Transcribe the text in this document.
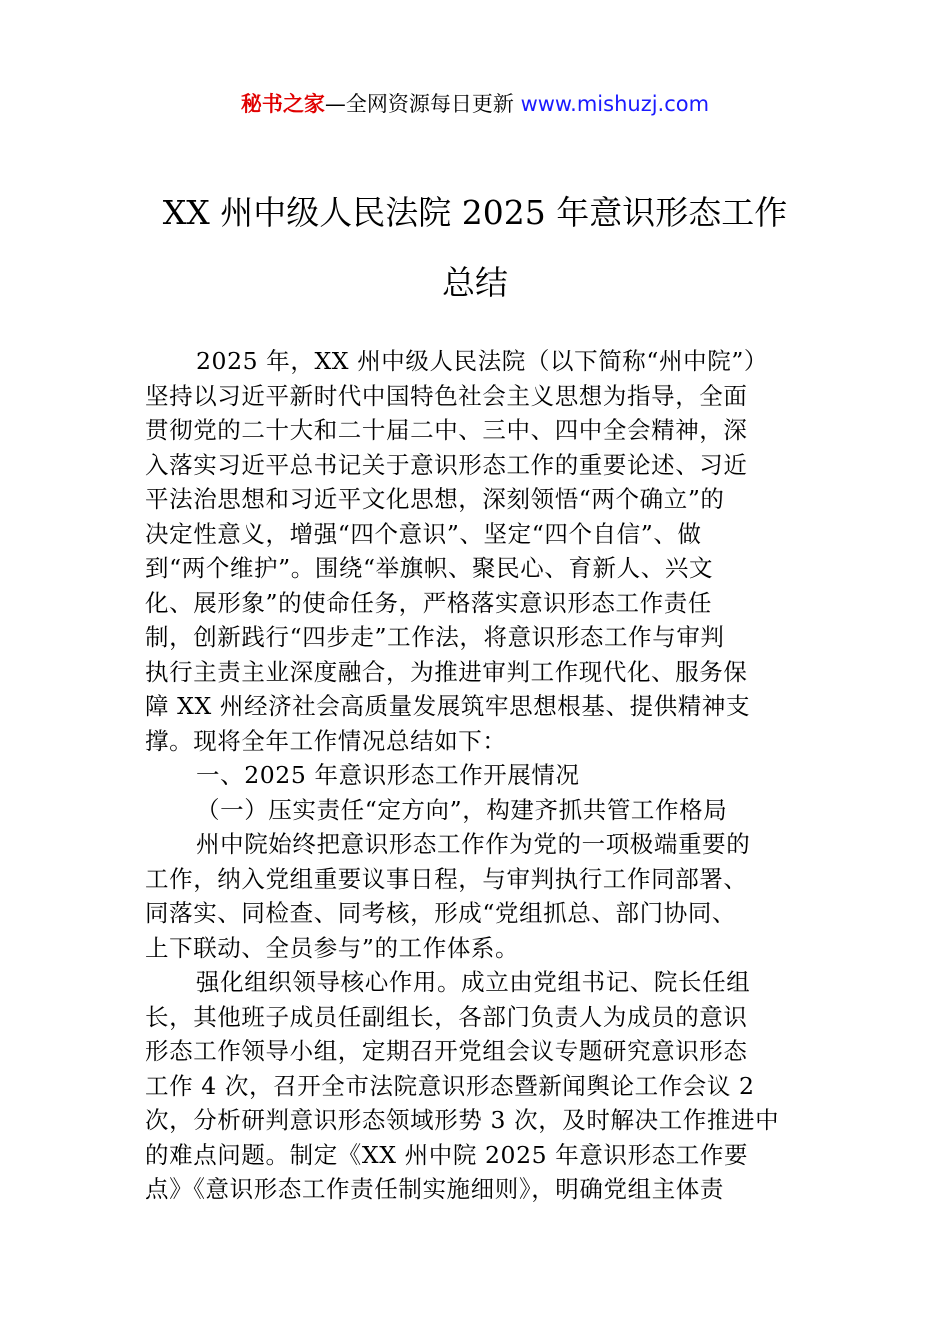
秘书之家—全网资源每日更新 www.mishuzj.com
XX 州中级人民法院 2025 年意识形态工作
总结
2025 年，XX 州中级人民法院（以下简称“州中院”）
坚持以习近平新时代中国特色社会主义思想为指导，全面
贯彻党的二十大和二十届二中、三中、四中全会精神，深
入落实习近平总书记关于意识形态工作的重要论述、习近
平法治思想和习近平文化思想，深刻领悟“两个确立”的
决定性意义，增强“四个意识”、坚定“四个自信”、做
到“两个维护”。围绕“举旗帜、聚民心、育新人、兴文
化、展形象”的使命任务，严格落实意识形态工作责任
制，创新践行“四步走”工作法，将意识形态工作与审判
执行主责主业深度融合，为推进审判工作现代化、服务保
障 XX 州经济社会高质量发展筑牢思想根基、提供精神支
撑。现将全年工作情况总结如下：
一、2025 年意识形态工作开展情况
（一）压实责任“定方向”，构建齐抓共管工作格局
州中院始终把意识形态工作作为党的一项极端重要的
工作，纳入党组重要议事日程，与审判执行工作同部署、
同落实、同检查、同考核，形成“党组抓总、部门协同、
上下联动、全员参与”的工作体系。
强化组织领导核心作用。成立由党组书记、院长任组
长，其他班子成员任副组长，各部门负责人为成员的意识
形态工作领导小组，定期召开党组会议专题研究意识形态
工作 4 次，召开全市法院意识形态暨新闻舆论工作会议 2
次，分析研判意识形态领域形势 3 次，及时解决工作推进中
的难点问题。制定《XX 州中院 2025 年意识形态工作要
点》《意识形态工作责任制实施细则》，明确党组主体责
